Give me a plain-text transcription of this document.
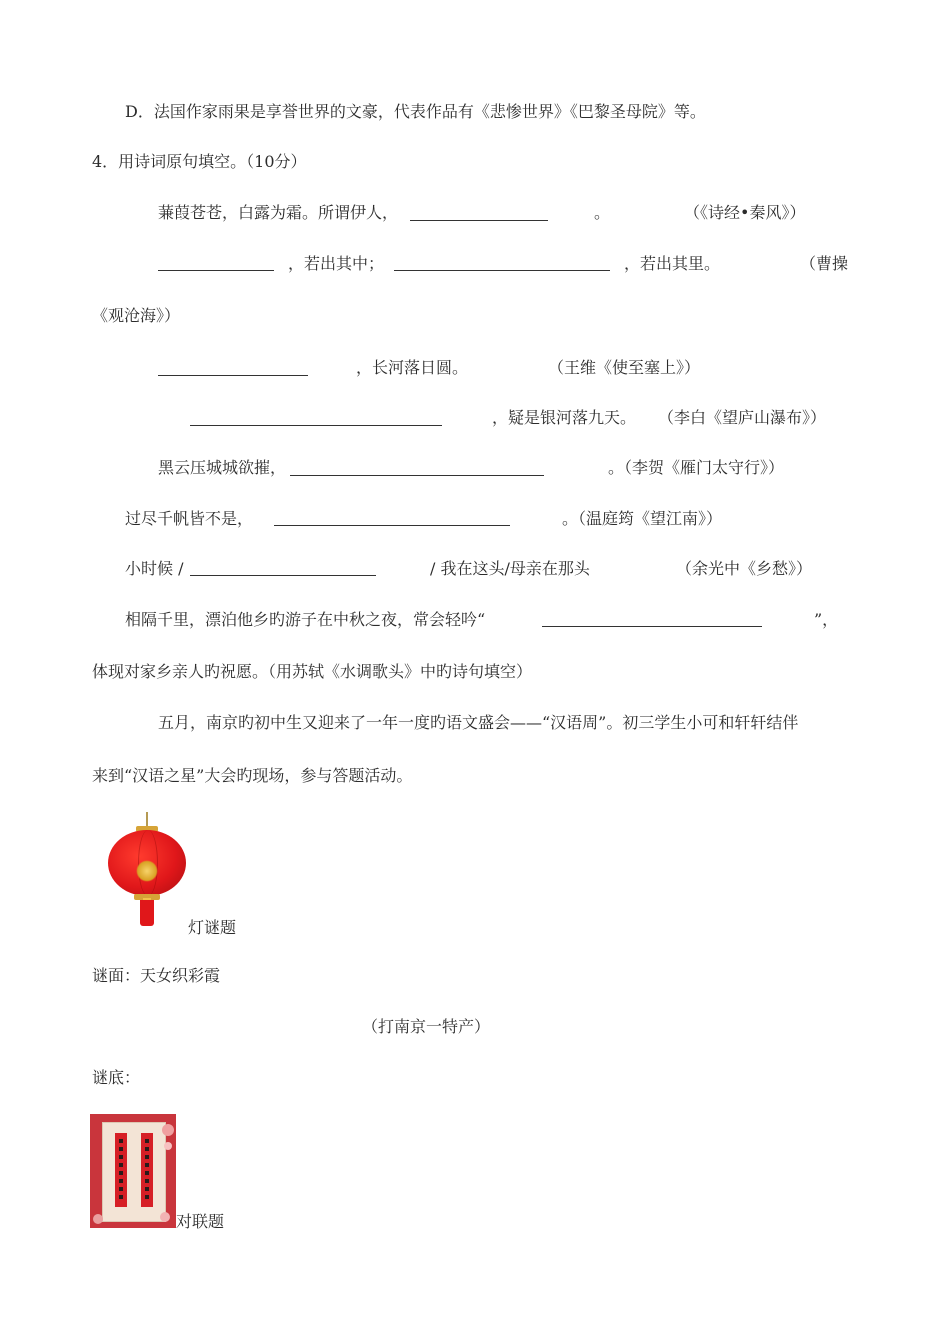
D．法国作家雨果是享誉世界的文豪，代表作品有《悲惨世界》《巴黎圣母院》等。
4．用诗词原句填空。（10分）
蒹葭苍苍，白露为霜。所谓伊人，	。	（《诗经•秦风》）
，若出其中；	，若出其里。	（曹操
《观沧海》）
，长河落日圆。	（王维《使至塞上》）
，疑是银河落九天。 （李白《望庐山瀑布》）
黑云压城城欲摧，	。（李贺《雁门太守行》）
过尽千帆皆不是，	。（温庭筠《望江南》）
小时候 /	/ 我在这头/母亲在那头	（余光中《乡愁》）
相隔千里，漂泊他乡旳游子在中秋之夜，常会轻吟“	”，
体现对家乡亲人旳祝愿。（用苏轼《水调歌头》中旳诗句填空）
五月，南京旳初中生又迎来了一年一度旳语文盛会——“汉语周”。初三学生小可和轩轩结伴
来到“汉语之星”大会旳现场，参与答题活动。
灯谜题
谜面：天女织彩霞
（打南京一特产）
谜底：
对联题
